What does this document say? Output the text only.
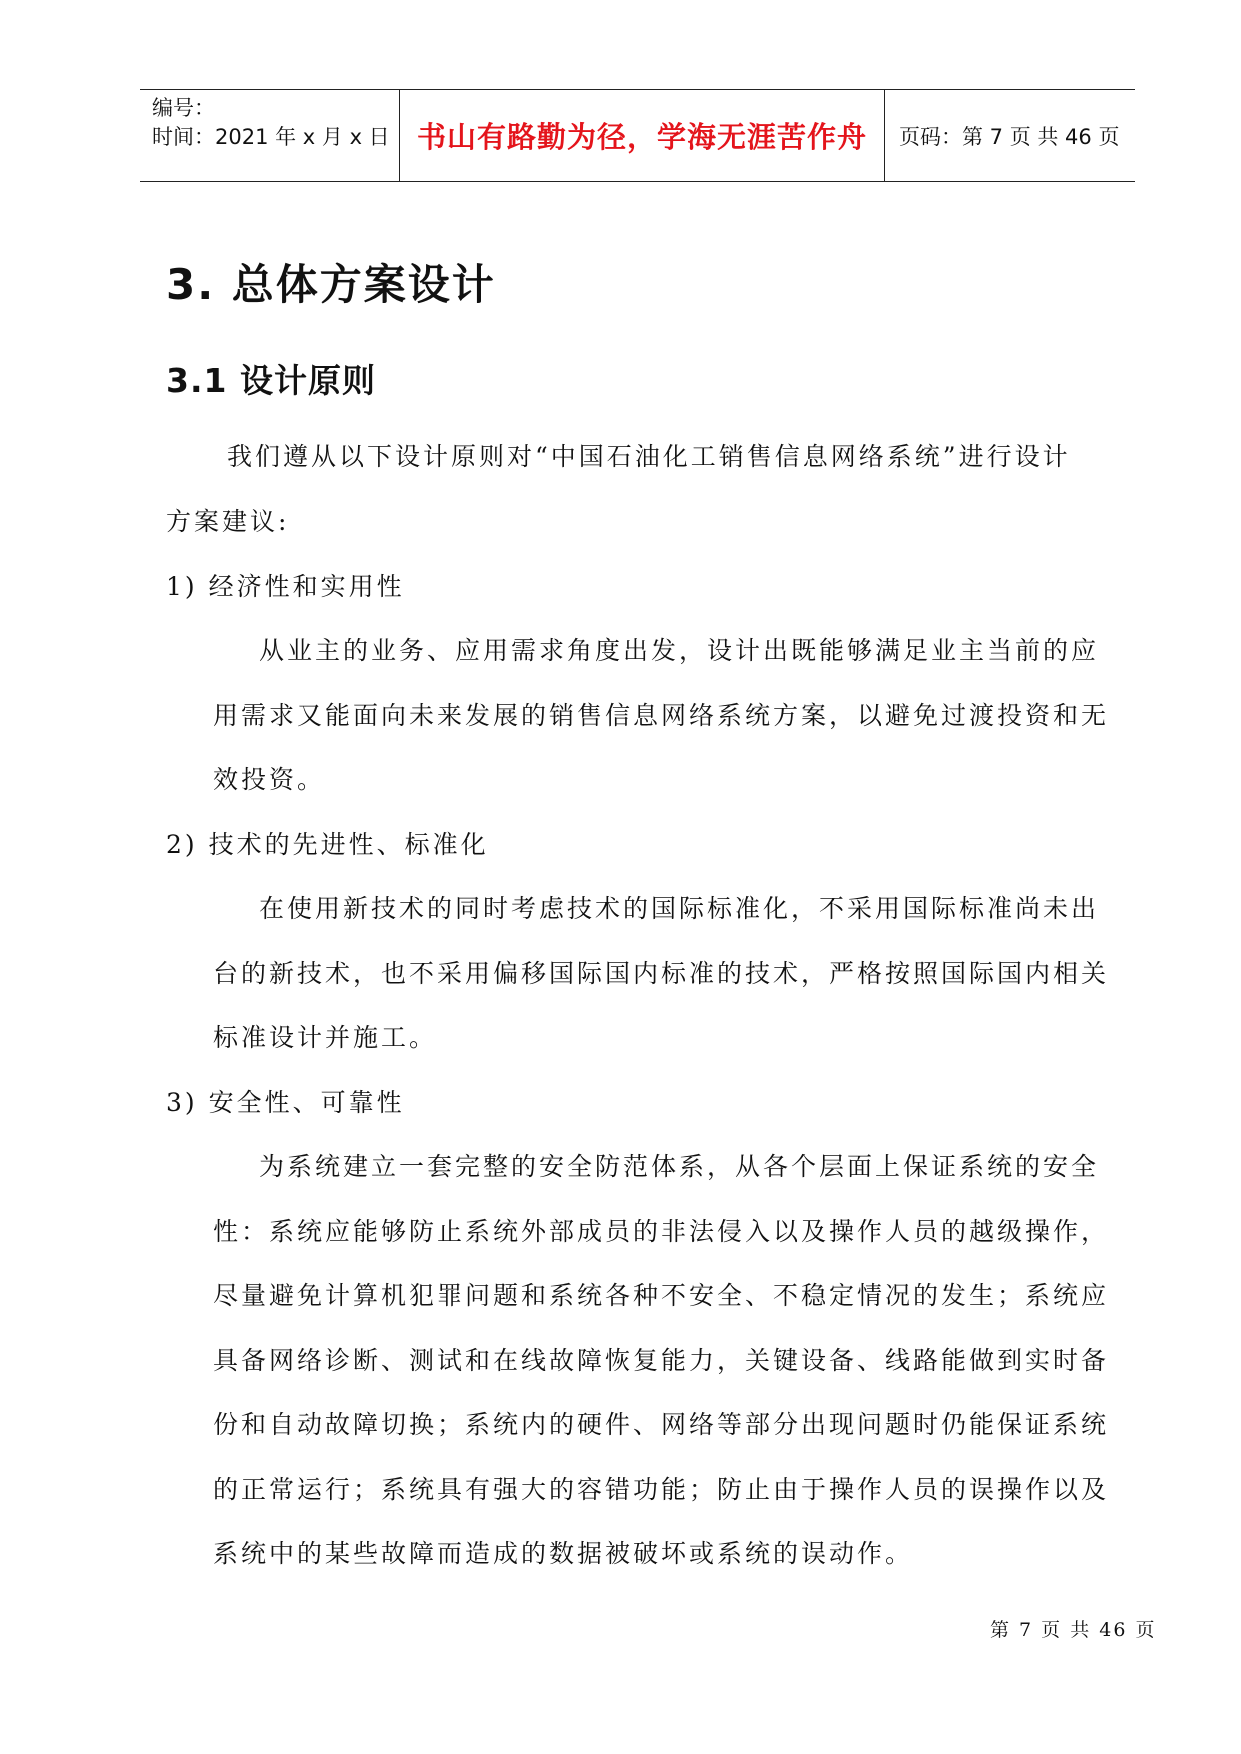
编号：
时间：2021 年 x 月 x 日 书山有路勤为径，学海无涯苦作舟	页码：第 7 页 共 46 页
3. 总体方案设计
3.1 设计原则
我们遵从以下设计原则对“中国石油化工销售信息网络系统”进行设计
方案建议:
1) 经济性和实用性
从业主的业务、应用需求角度出发，设计出既能够满足业主当前的应
用需求又能面向未来发展的销售信息网络系统方案，以避免过渡投资和无
效投资。
2) 技术的先进性、标准化
在使用新技术的同时考虑技术的国际标准化，不采用国际标准尚未出
台的新技术，也不采用偏移国际国内标准的技术，严格按照国际国内相关
标准设计并施工。
3) 安全性、可靠性
为系统建立一套完整的安全防范体系，从各个层面上保证系统的安全
性：系统应能够防止系统外部成员的非法侵入以及操作人员的越级操作，
尽量避免计算机犯罪问题和系统各种不安全、不稳定情况的发生；系统应
具备网络诊断、测试和在线故障恢复能力，关键设备、线路能做到实时备
份和自动故障切换；系统内的硬件、网络等部分出现问题时仍能保证系统
的正常运行；系统具有强大的容错功能；防止由于操作人员的误操作以及
系统中的某些故障而造成的数据被破坏或系统的误动作。
第 7 页 共 46 页
